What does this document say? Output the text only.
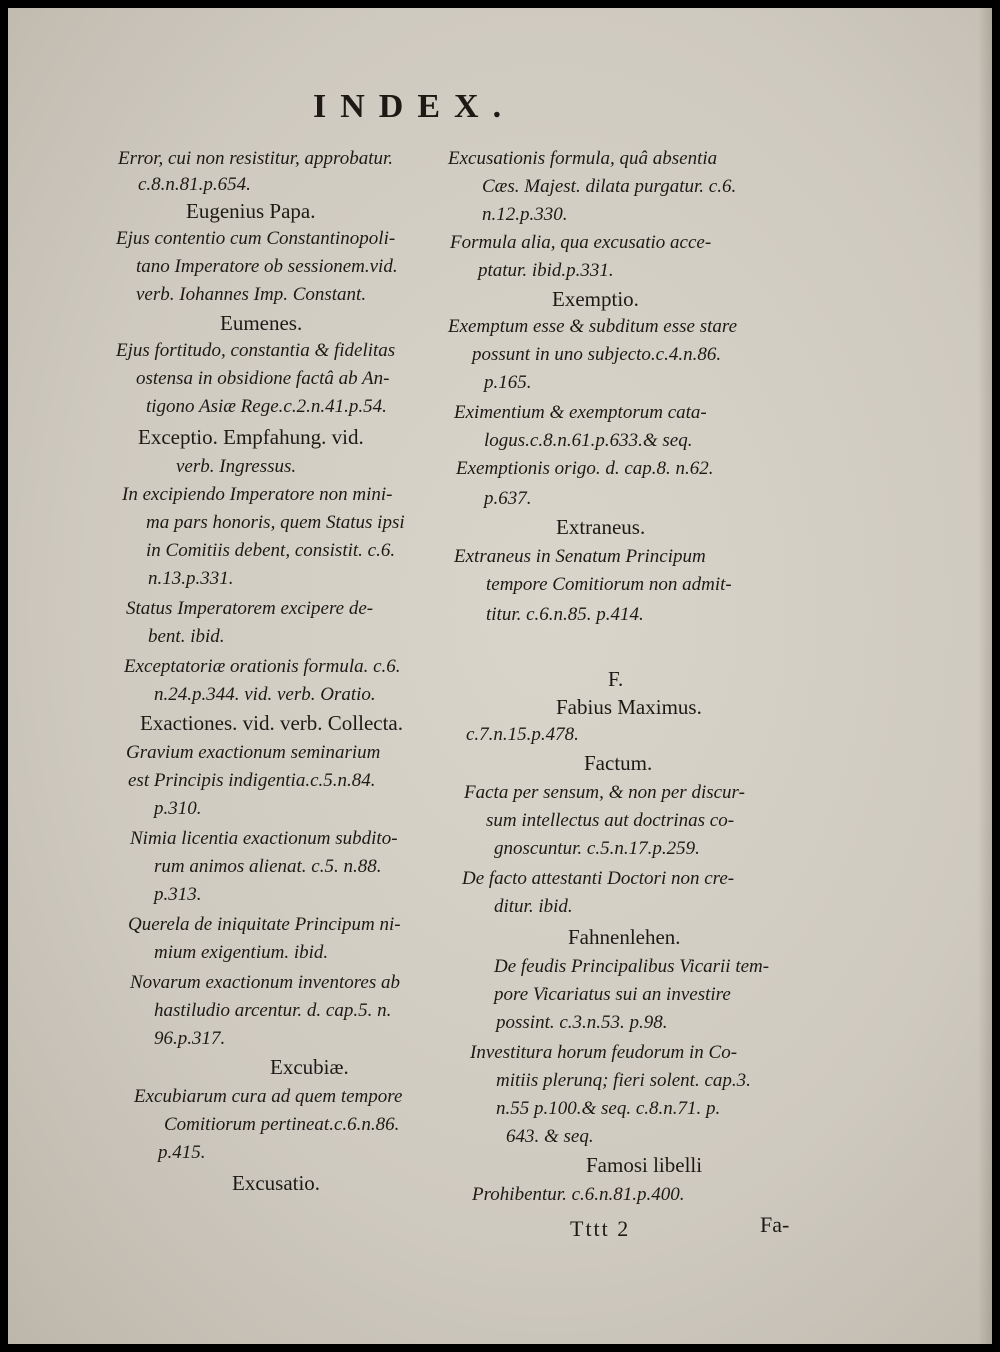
INDEX.
Error, cui non resistitur, approbatur.
c.8.n.81.p.654.
Eugenius Papa.
Ejus contentio cum Constantinopoli-
tano Imperatore ob sessionem.vid.
verb. Iohannes Imp. Constant.
Eumenes.
Ejus fortitudo, constantia & fidelitas
ostensa in obsidione factâ ab An-
tigono Asiæ Rege.c.2.n.41.p.54.
Exceptio. Empfahung. vid.
verb. Ingressus.
In excipiendo Imperatore non mini-
ma pars honoris, quem Status ipsi
in Comitiis debent, consistit. c.6.
n.13.p.331.
Status Imperatorem excipere de-
bent. ibid.
Exceptatoriæ orationis formula. c.6.
n.24.p.344. vid. verb. Oratio.
Exactiones. vid. verb. Collecta.
Gravium exactionum seminarium
est Principis indigentia.c.5.n.84.
p.310.
Nimia licentia exactionum subdito-
rum animos alienat. c.5. n.88.
p.313.
Querela de iniquitate Principum ni-
mium exigentium. ibid.
Novarum exactionum inventores ab
hastiludio arcentur. d. cap.5. n.
96.p.317.
Excubiæ.
Excubiarum cura ad quem tempore
Comitiorum pertineat.c.6.n.86.
p.415.
Excusatio.
Excusationis formula, quâ absentia
Cæs. Majest. dilata purgatur. c.6.
n.12.p.330.
Formula alia, qua excusatio acce-
ptatur. ibid.p.331.
Exemptio.
Exemptum esse & subditum esse stare
possunt in uno subjecto.c.4.n.86.
p.165.
Eximentium & exemptorum cata-
logus.c.8.n.61.p.633.& seq.
Exemptionis origo. d. cap.8. n.62.
p.637.
Extraneus.
Extraneus in Senatum Principum
tempore Comitiorum non admit-
titur. c.6.n.85. p.414.
F.
Fabius Maximus.
c.7.n.15.p.478.
Factum.
Facta per sensum, & non per discur-
sum intellectus aut doctrinas co-
gnoscuntur. c.5.n.17.p.259.
De facto attestanti Doctori non cre-
ditur. ibid.
Fahnenlehen.
De feudis Principalibus Vicarii tem-
pore Vicariatus sui an investire
possint. c.3.n.53. p.98.
Investitura horum feudorum in Co-
mitiis plerunq; fieri solent. cap.3.
n.55 p.100.& seq. c.8.n.71. p.
643. & seq.
Famosi libelli
Prohibentur. c.6.n.81.p.400.
Tttt 2	Fa-
